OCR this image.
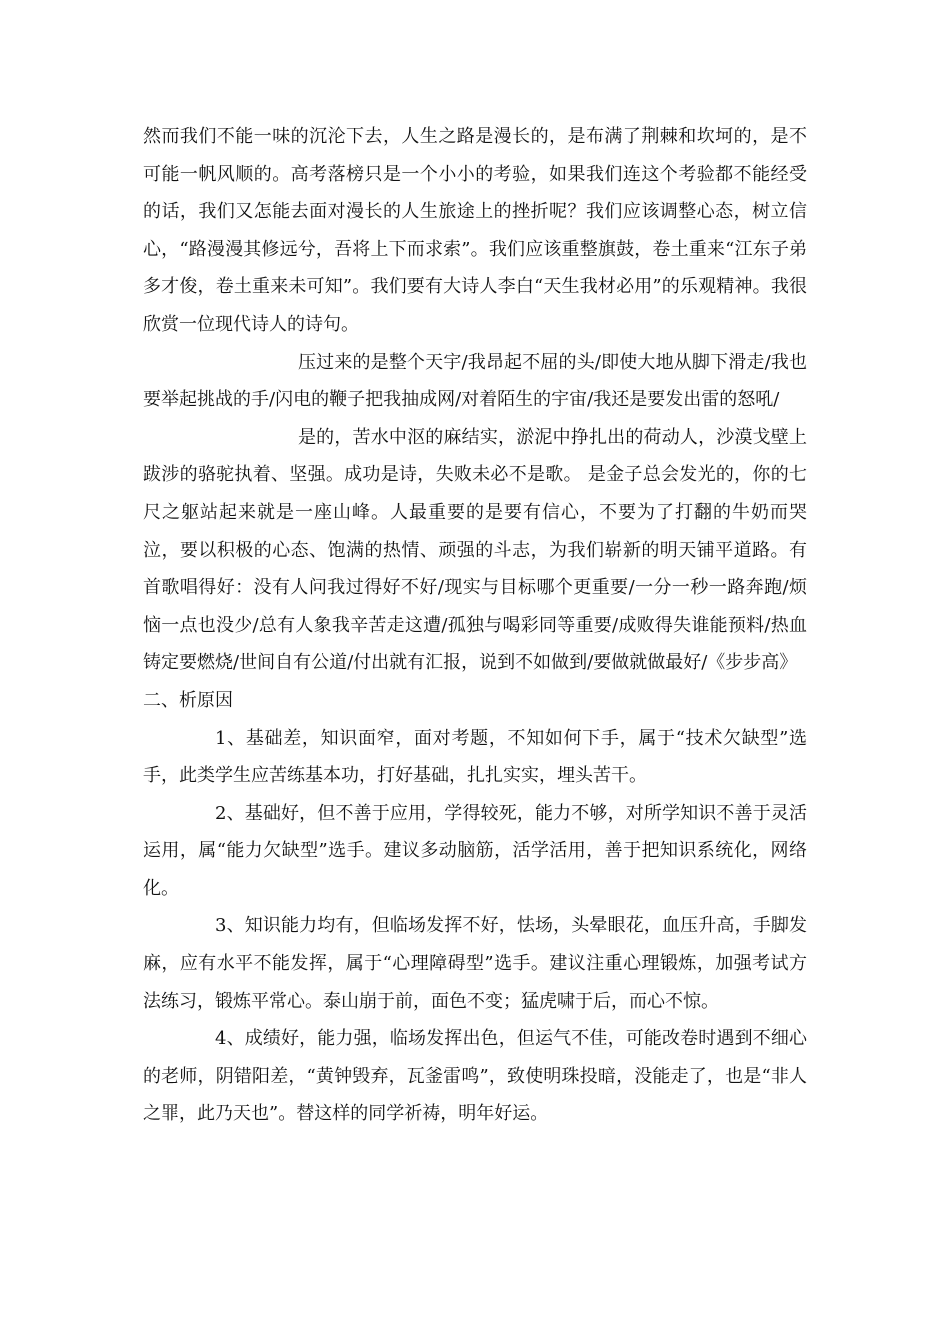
然而我们不能一味的沉沦下去，人生之路是漫长的，是布满了荆棘和坎坷的，是不可能一帆风顺的。高考落榜只是一个小小的考验，如果我们连这个考验都不能经受的话，我们又怎能去面对漫长的人生旅途上的挫折呢？我们应该调整心态，树立信心，“路漫漫其修远兮，吾将上下而求索”。我们应该重整旗鼓，卷土重来“江东子弟多才俊，卷土重来未可知”。我们要有大诗人李白“天生我材必用”的乐观精神。我很欣赏一位现代诗人的诗句。

压过来的是整个天宇/我昂起不屈的头/即使大地从脚下滑走/我也要举起挑战的手/闪电的鞭子把我抽成网/对着陌生的宇宙/我还是要发出雷的怒吼/

是的，苦水中沤的麻结实，淤泥中挣扎出的荷动人，沙漠戈壁上跋涉的骆驼执着、坚强。成功是诗，失败未必不是歌。 是金子总会发光的，你的七尺之躯站起来就是一座山峰。人最重要的是要有信心，不要为了打翻的牛奶而哭泣，要以积极的心态、饱满的热情、顽强的斗志，为我们崭新的明天铺平道路。有首歌唱得好：没有人问我过得好不好/现实与目标哪个更重要/一分一秒一路奔跑/烦恼一点也没少/总有人象我辛苦走这遭/孤独与喝彩同等重要/成败得失谁能预料/热血铸定要燃烧/世间自有公道/付出就有汇报，说到不如做到/要做就做最好/《步步高》

二、析原因

1、基础差，知识面窄，面对考题，不知如何下手，属于“技术欠缺型”选手，此类学生应苦练基本功，打好基础，扎扎实实，埋头苦干。

2、基础好，但不善于应用，学得较死，能力不够，对所学知识不善于灵活运用，属“能力欠缺型”选手。建议多动脑筋，活学活用，善于把知识系统化，网络化。

3、知识能力均有，但临场发挥不好，怯场，头晕眼花，血压升高，手脚发麻，应有水平不能发挥，属于“心理障碍型”选手。建议注重心理锻炼，加强考试方法练习，锻炼平常心。泰山崩于前，面色不变；猛虎啸于后，而心不惊。

4、成绩好，能力强，临场发挥出色，但运气不佳，可能改卷时遇到不细心的老师，阴错阳差，“黄钟毁弃，瓦釜雷鸣”，致使明珠投暗，没能走了，也是“非人之罪，此乃天也”。替这样的同学祈祷，明年好运。
